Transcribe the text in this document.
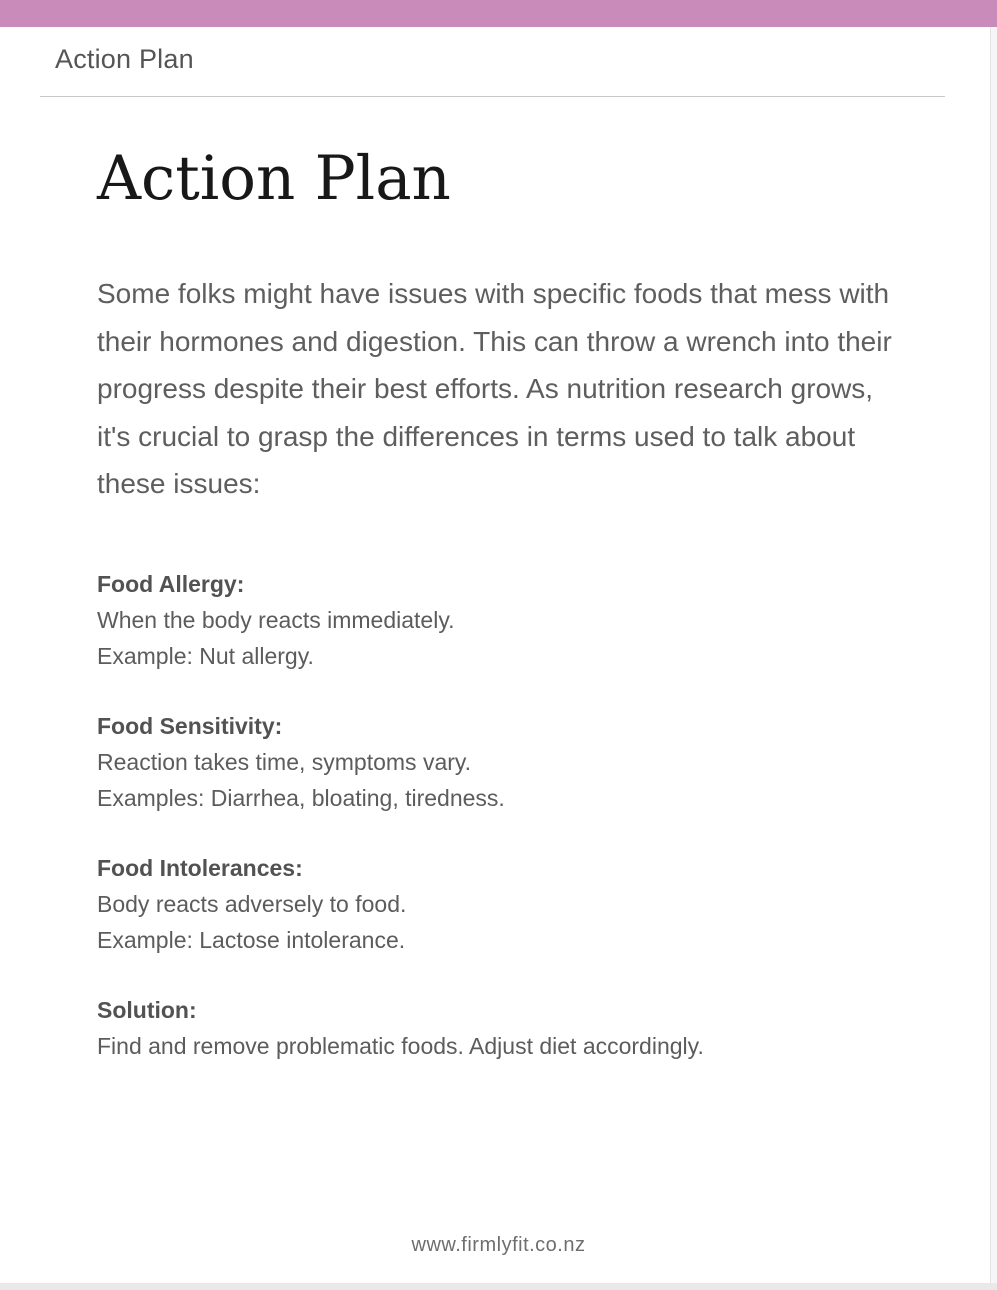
Action Plan
Action Plan

Some folks might have issues with specific foods that mess with their hormones and digestion. This can throw a wrench into their progress despite their best efforts. As nutrition research grows, it's crucial to grasp the differences in terms used to talk about these issues:

Food Allergy:
When the body reacts immediately.
Example: Nut allergy.
Food Sensitivity:
Reaction takes time, symptoms vary.
Examples: Diarrhea, bloating, tiredness.
Food Intolerances:
Body reacts adversely to food.
Example: Lactose intolerance.
Solution:
Find and remove problematic foods. Adjust diet accordingly.
www.firmlyfit.co.nz
